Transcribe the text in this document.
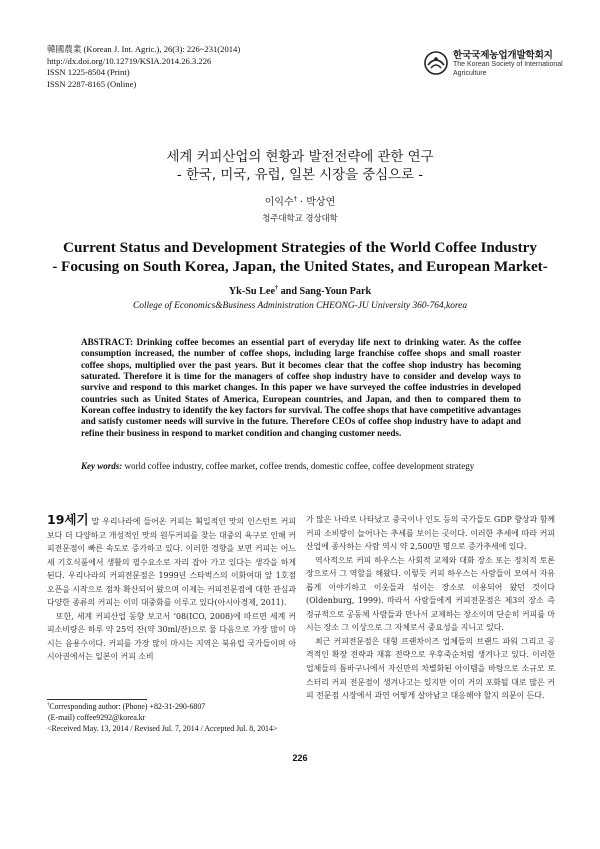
韓國農業 (Korean J. Int. Agric.), 26(3): 226~231(2014)
http://dx.doi.org/10.12719/KSIA.2014.26.3.226
ISSN 1225-8504 (Print)
ISSN 2287-8165 (Online)
한국국제농업개발학회지
The Korean Society of International Agriculture
세계 커피산업의 현황과 발전전략에 관한 연구
- 한국, 미국, 유럽, 일본 시장을 중심으로 -
이익수† · 박상연
청주대학교 경상대학
Current Status and Development Strategies of the World Coffee Industry
- Focusing on South Korea, Japan, the United States, and European Market-
Yk-Su Lee† and Sang-Youn Park
College of Economics&Business Administration CHEONG-JU University 360-764,korea
ABSTRACT: Drinking coffee becomes an essential part of everyday life next to drinking water. As the coffee consumption increased, the number of coffee shops, including large franchise coffee shops and small roaster coffee shops, multiplied over the past years. But it becomes clear that the coffee shop industry has becoming saturated. Therefore it is time for the managers of coffee shop industry have to consider and develop ways to survive and respond to this market changes. In this paper we have surveyed the coffee industries in developed countries such as United States of America, European countries, and Japan, and then to compared them to Korean coffee industry to identify the key factors for survival. The coffee shops that have competitive advantages and satisfy customer needs will survive in the future. Therefore CEOs of coffee shop industry have to adapt and refine their business in respond to market condition and changing customer needs.
Key words: world coffee industry, coffee market, coffee trends, domestic coffee, coffee development strategy

19세기 말 우리나라에 들어온 커피는 획일적인 맛의 인스턴트 커피보다 더 다양하고 개성적인 맛의 원두커피를 찾는 대중의 욕구로 인해 커피전문점이 빠른 속도로 증가하고 있다. 이러한 경향을 보면 커피는 어느새 기호식품에서 생활의 필수요소로 자리 잡아 가고 있다는 생각을 하게 된다. 우리나라의 커피전문점은 1999년 스타벅스의 이화여대 앞 1호점 오픈을 시작으로 점차 확산되어 왔으며 이제는 커피전문점에 대한 관심과 다양한 종류의 커피는 이미 대중화를 이루고 있다(아시아경제, 2011).

또한, 세계 커피산업 동향 보고서 ‘08(ICO, 2008)에 따르면 세계 커피소비량은 하루 약 25억 잔(약 30ml/잔)으로 물 다음으로 가장 많이 마시는 음용수이다. 커피를 가장 많이 마시는 지역은 북유럽 국가들이며 아시아권에서는 일본이 커피 소비

가 많은 나라로 나타났고 중국이나 인도 등의 국가들도 GDP 향상과 함께 커피 소비량이 늘어나는 추세를 보이는 곳이다. 이러한 추세에 따라 커피 산업에 종사하는 사람 역시 약 2,500만 명으로 증가추세에 있다.

역사적으로 커피 하우스는 사회적 교제와 대화 장소 또는 정치적 토론장으로서 그 역할을 해왔다. 이렇듯 커피 하우스는 사람들이 모여서 자유롭게 이야기하고 이웃들과 섞이는 장소로 이용되어 왔던 것이다(Oldenburg, 1999). 따라서 사람들에게 커피전문점은 제3의 장소 즉 정규적으로 공동체 사람들과 만나서 교제하는 장소이며 단순히 커피를 마시는 장소 그 이상으로 그 자체로서 중요성을 지니고 있다.

최근 커피전문점은 대형 프랜차이즈 업체들의 브랜드 파워 그리고 공격적인 확장 전략과 재휴 전략으로 우후죽순처럼 생겨나고 있다. 이러한 업체들의 틈바구니에서 자신만의 차별화된 아이템을 바탕으로 소규모 로스터리 커피 전문점이 생겨나고는 있지만 이미 거의 포화될 대로 많은 커피 전문점 시장에서 과연 어떻게 살아남고 대응해야 할지 의문이 든다.

†Corresponding author: (Phone) +82-31-290-6807
(E-mail) coffee9292@korea.kr
<Received May. 13, 2014 / Revised Jul. 7, 2014 / Accepted Jul. 8, 2014>
226
